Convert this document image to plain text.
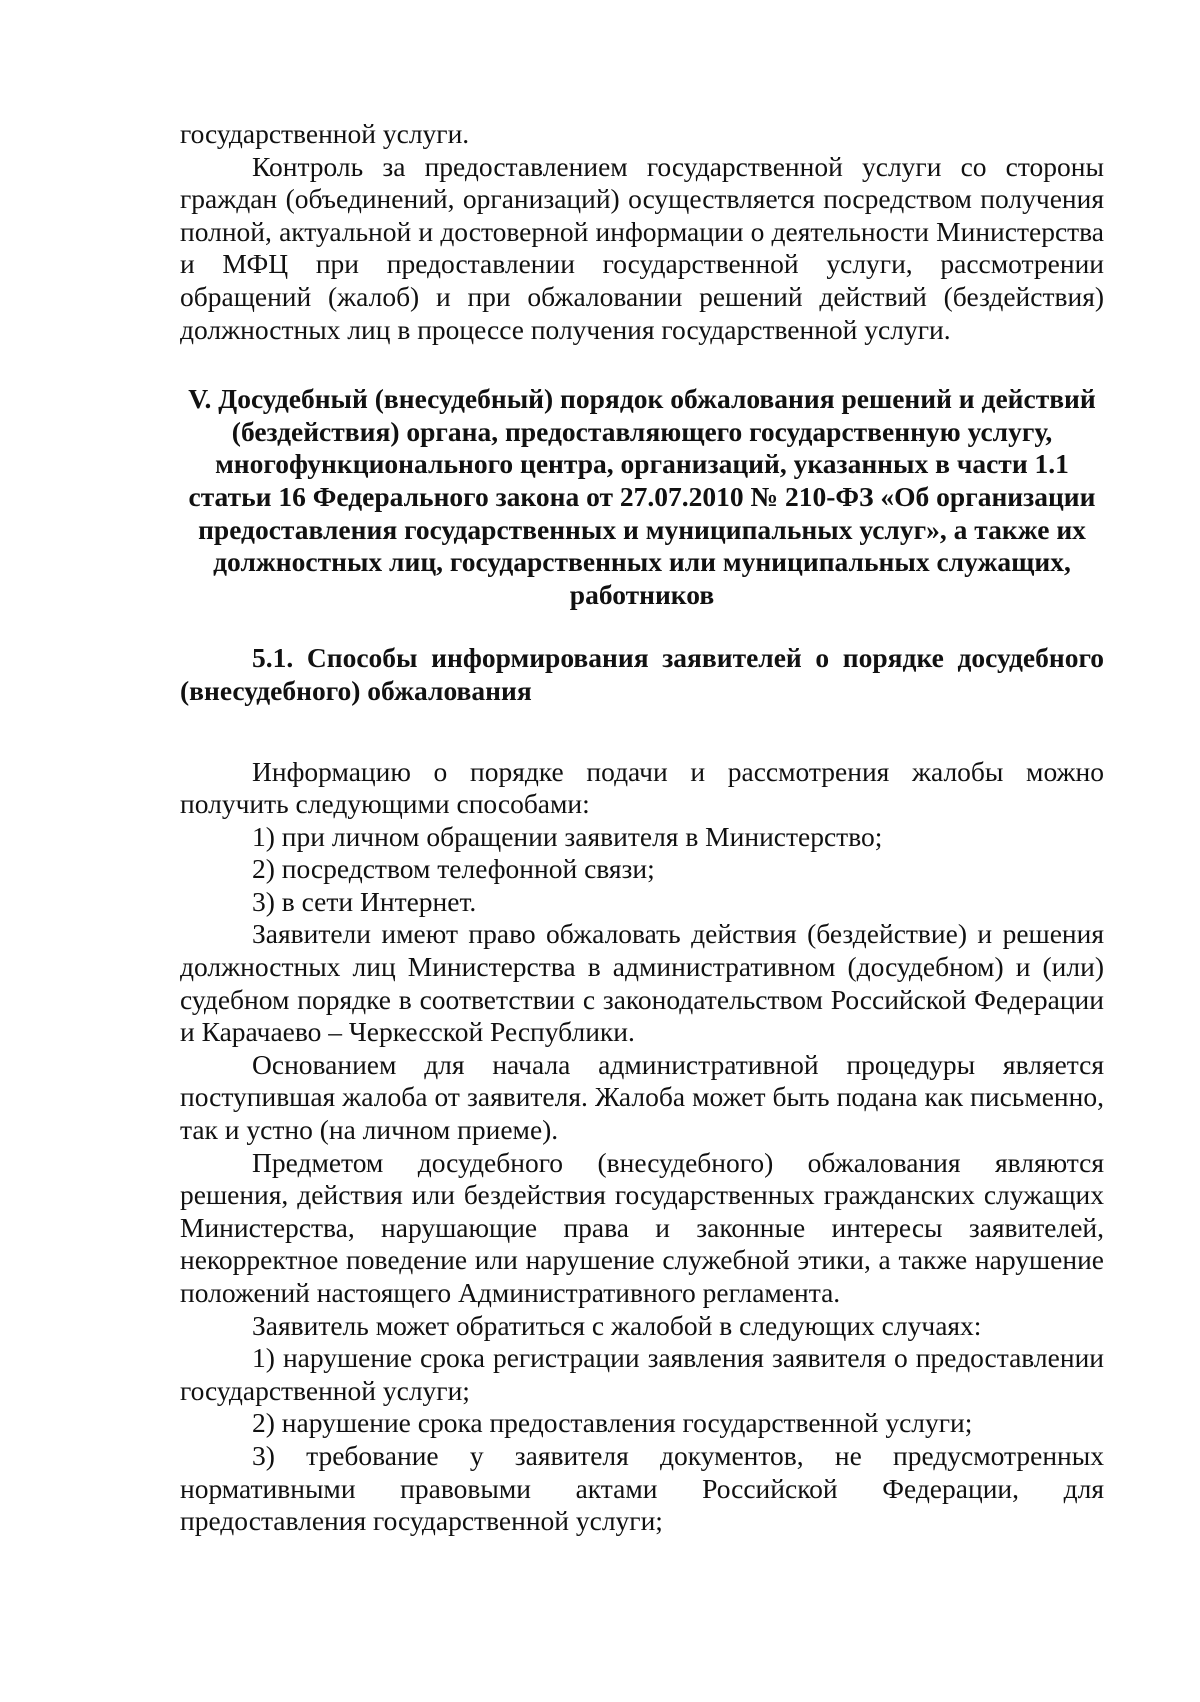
государственной услуги.

Контроль за предоставлением государственной услуги со стороны граждан (объединений, организаций) осуществляется посредством получения полной, актуальной и достоверной информации о деятельности Министерства и МФЦ при предоставлении государственной услуги, рассмотрении обращений (жалоб) и при обжаловании решений действий (бездействия) должностных лиц в процессе получения государственной услуги.

V. Досудебный (внесудебный) порядок обжалования решений и действий (бездействия) органа, предоставляющего государственную услугу, многофункционального центра, организаций, указанных в части 1.1 статьи 16 Федерального закона от 27.07.2010 № 210-ФЗ «Об организации предоставления государственных и муниципальных услуг», а также их должностных лиц, государственных или муниципальных служащих, работников

5.1. Способы информирования заявителей о порядке досудебного (внесудебного) обжалования

Информацию о порядке подачи и рассмотрения жалобы можно получить следующими способами:

1) при личном обращении заявителя в Министерство;

2) посредством телефонной связи;

3) в сети Интернет.

Заявители имеют право обжаловать действия (бездействие) и решения должностных лиц Министерства в административном (досудебном) и (или) судебном порядке в соответствии с законодательством Российской Федерации и Карачаево – Черкесской Республики.

Основанием для начала административной процедуры является поступившая жалоба от заявителя. Жалоба может быть подана как письменно, так и устно (на личном приеме).

Предметом досудебного (внесудебного) обжалования являются решения, действия или бездействия государственных гражданских служащих Министерства, нарушающие права и законные интересы заявителей, некорректное поведение или нарушение служебной этики, а также нарушение положений настоящего Административного регламента.

Заявитель может обратиться с жалобой в следующих случаях:

1) нарушение срока регистрации заявления заявителя о предоставлении государственной услуги;

2) нарушение срока предоставления государственной услуги;

3) требование у заявителя документов, не предусмотренных нормативными правовыми актами Российской Федерации, для предоставления государственной услуги;
